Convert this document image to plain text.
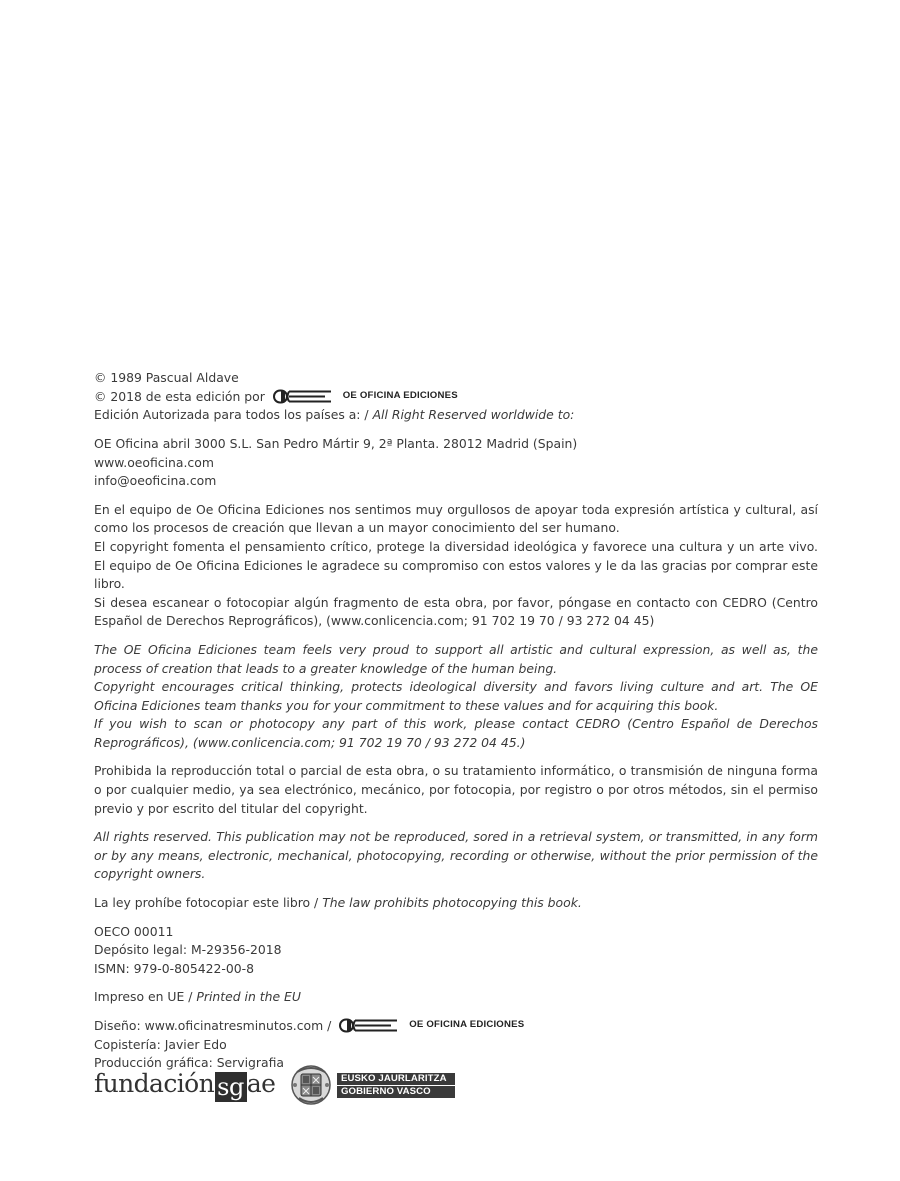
© 1989 Pascual Aldave

© 2018 de esta edición por	OE OFICINA EDICIONES

Edición Autorizada para todos los países a: / All Right Reserved worldwide to:

OE Oficina abril 3000 S.L. San Pedro Mártir 9, 2ª Planta. 28012 Madrid (Spain)

www.oeoficina.com

info@oeoficina.com

En el equipo de Oe Oficina Ediciones nos sentimos muy orgullosos de apoyar toda expresión artística y cultural, así como los procesos de creación que llevan a un mayor conocimiento del ser humano.

El copyright fomenta el pensamiento crítico, protege la diversidad ideológica y favorece una cultura y un arte vivo. El equipo de Oe Oficina Ediciones le agradece su compromiso con estos valores y le da las gracias por comprar este libro.

Si desea escanear o fotocopiar algún fragmento de esta obra, por favor, póngase en contacto con CEDRO (Centro Español de Derechos Reprográficos), (www.conlicencia.com; 91 702 19 70 / 93 272 04 45)

The OE Oficina Ediciones team feels very proud to support all artistic and cultural expression, as well as, the process of creation that leads to a greater knowledge of the human being.

Copyright encourages critical thinking, protects ideological diversity and favors living culture and art. The OE Oficina Ediciones team thanks you for your commitment to these values and for acquiring this book.

If you wish to scan or photocopy any part of this work, please contact CEDRO (Centro Español de Derechos Reprográficos), (www.conlicencia.com; 91 702 19 70 / 93 272 04 45.)

Prohibida la reproducción total o parcial de esta obra, o su tratamiento informático, o transmisión de ninguna forma o por cualquier medio, ya sea electrónico, mecánico, por fotocopia, por registro o por otros métodos, sin el permiso previo y por escrito del titular del copyright.

All rights reserved. This publication may not be reproduced, sored in a retrieval system, or transmitted, in any form or by any means, electronic, mechanical, photocopying, recording or otherwise, without the prior permission of the copyright owners.

La ley prohíbe fotocopiar este libro / The law prohibits photocopying this book.

OECO 00011

Depósito legal: M-29356-2018

ISMN: 979-0-805422-00-8

Impreso en UE / Printed in the EU

Diseño: www.oficinatresminutos.com /	OE OFICINA EDICIONES

Copistería: Javier Edo

Producción gráfica: Servigrafia

fundación sg ae	EUSKO JAURLARITZA
GOBIERNO VASCO
